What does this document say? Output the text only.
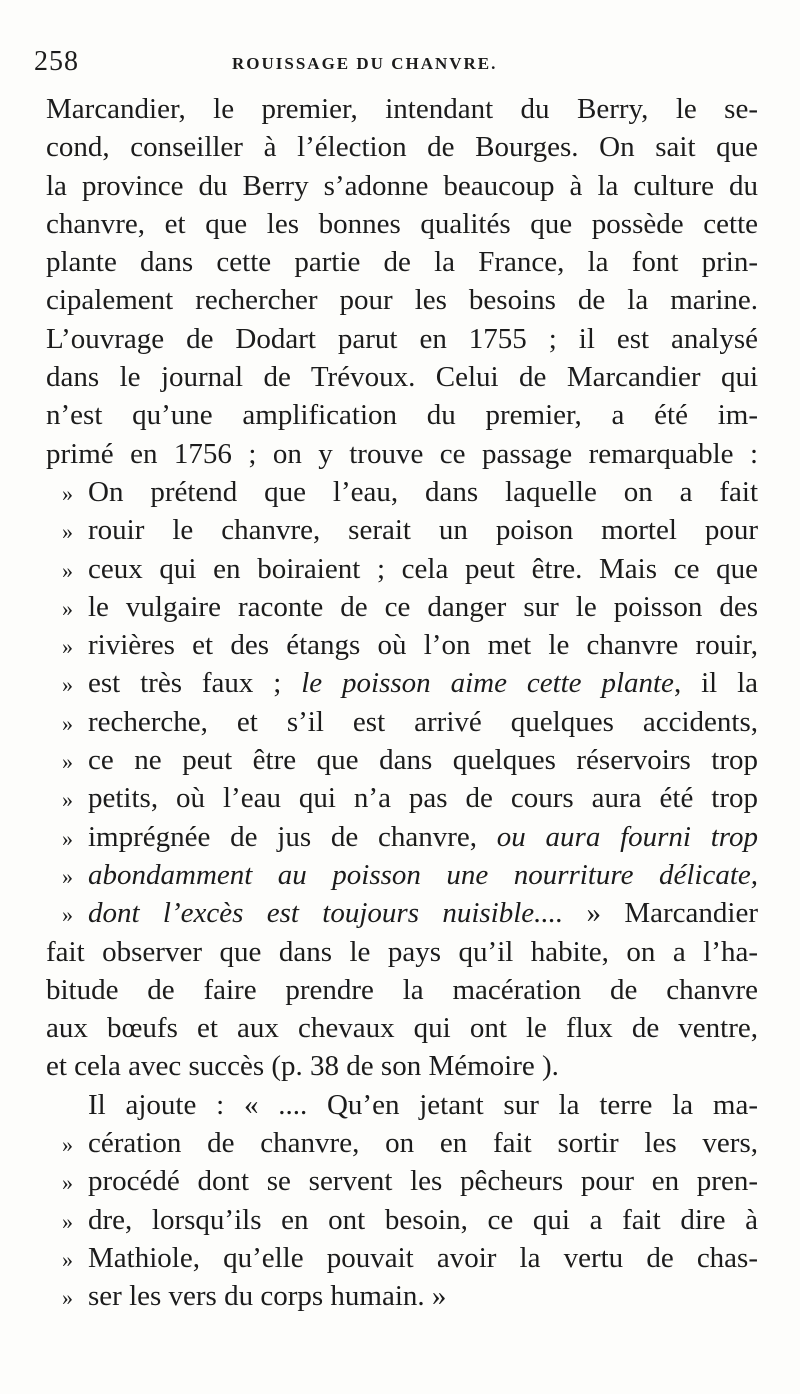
258	ROUISSAGE DU CHANVRE.
Marcandier, le premier, intendant du Berry, le se-
cond, conseiller à l’élection de Bourges. On sait que
la province du Berry s’adonne beaucoup à la culture du
chanvre, et que les bonnes qualités que possède cette
plante dans cette partie de la France, la font prin-
cipalement rechercher pour les besoins de la marine.
L’ouvrage de Dodart parut en 1755 ; il est analysé
dans le journal de Trévoux. Celui de Marcandier qui
n’est qu’une amplification du premier, a été im-
primé en 1756 ; on y trouve ce passage remarquable :
» On prétend que l’eau, dans laquelle on a fait
» rouir le chanvre, serait un poison mortel pour
» ceux qui en boiraient ; cela peut être. Mais ce que
» le vulgaire raconte de ce danger sur le poisson des
» rivières et des étangs où l’on met le chanvre rouir,
» est très faux ; le poisson aime cette plante, il la
» recherche, et s’il est arrivé quelques accidents,
» ce ne peut être que dans quelques réservoirs trop
» petits, où l’eau qui n’a pas de cours aura été trop
» imprégnée de jus de chanvre, ou aura fourni trop
» abondamment au poisson une nourriture délicate,
» dont l’excès est toujours nuisible.... » Marcandier
fait observer que dans le pays qu’il habite, on a l’ha-
bitude de faire prendre la macération de chanvre
aux bœufs et aux chevaux qui ont le flux de ventre,
et cela avec succès (p. 38 de son Mémoire ).
Il ajoute : « .... Qu’en jetant sur la terre la ma-
» cération de chanvre, on en fait sortir les vers,
» procédé dont se servent les pêcheurs pour en pren-
» dre, lorsqu’ils en ont besoin, ce qui a fait dire à
» Mathiole, qu’elle pouvait avoir la vertu de chas-
» ser les vers du corps humain. »
